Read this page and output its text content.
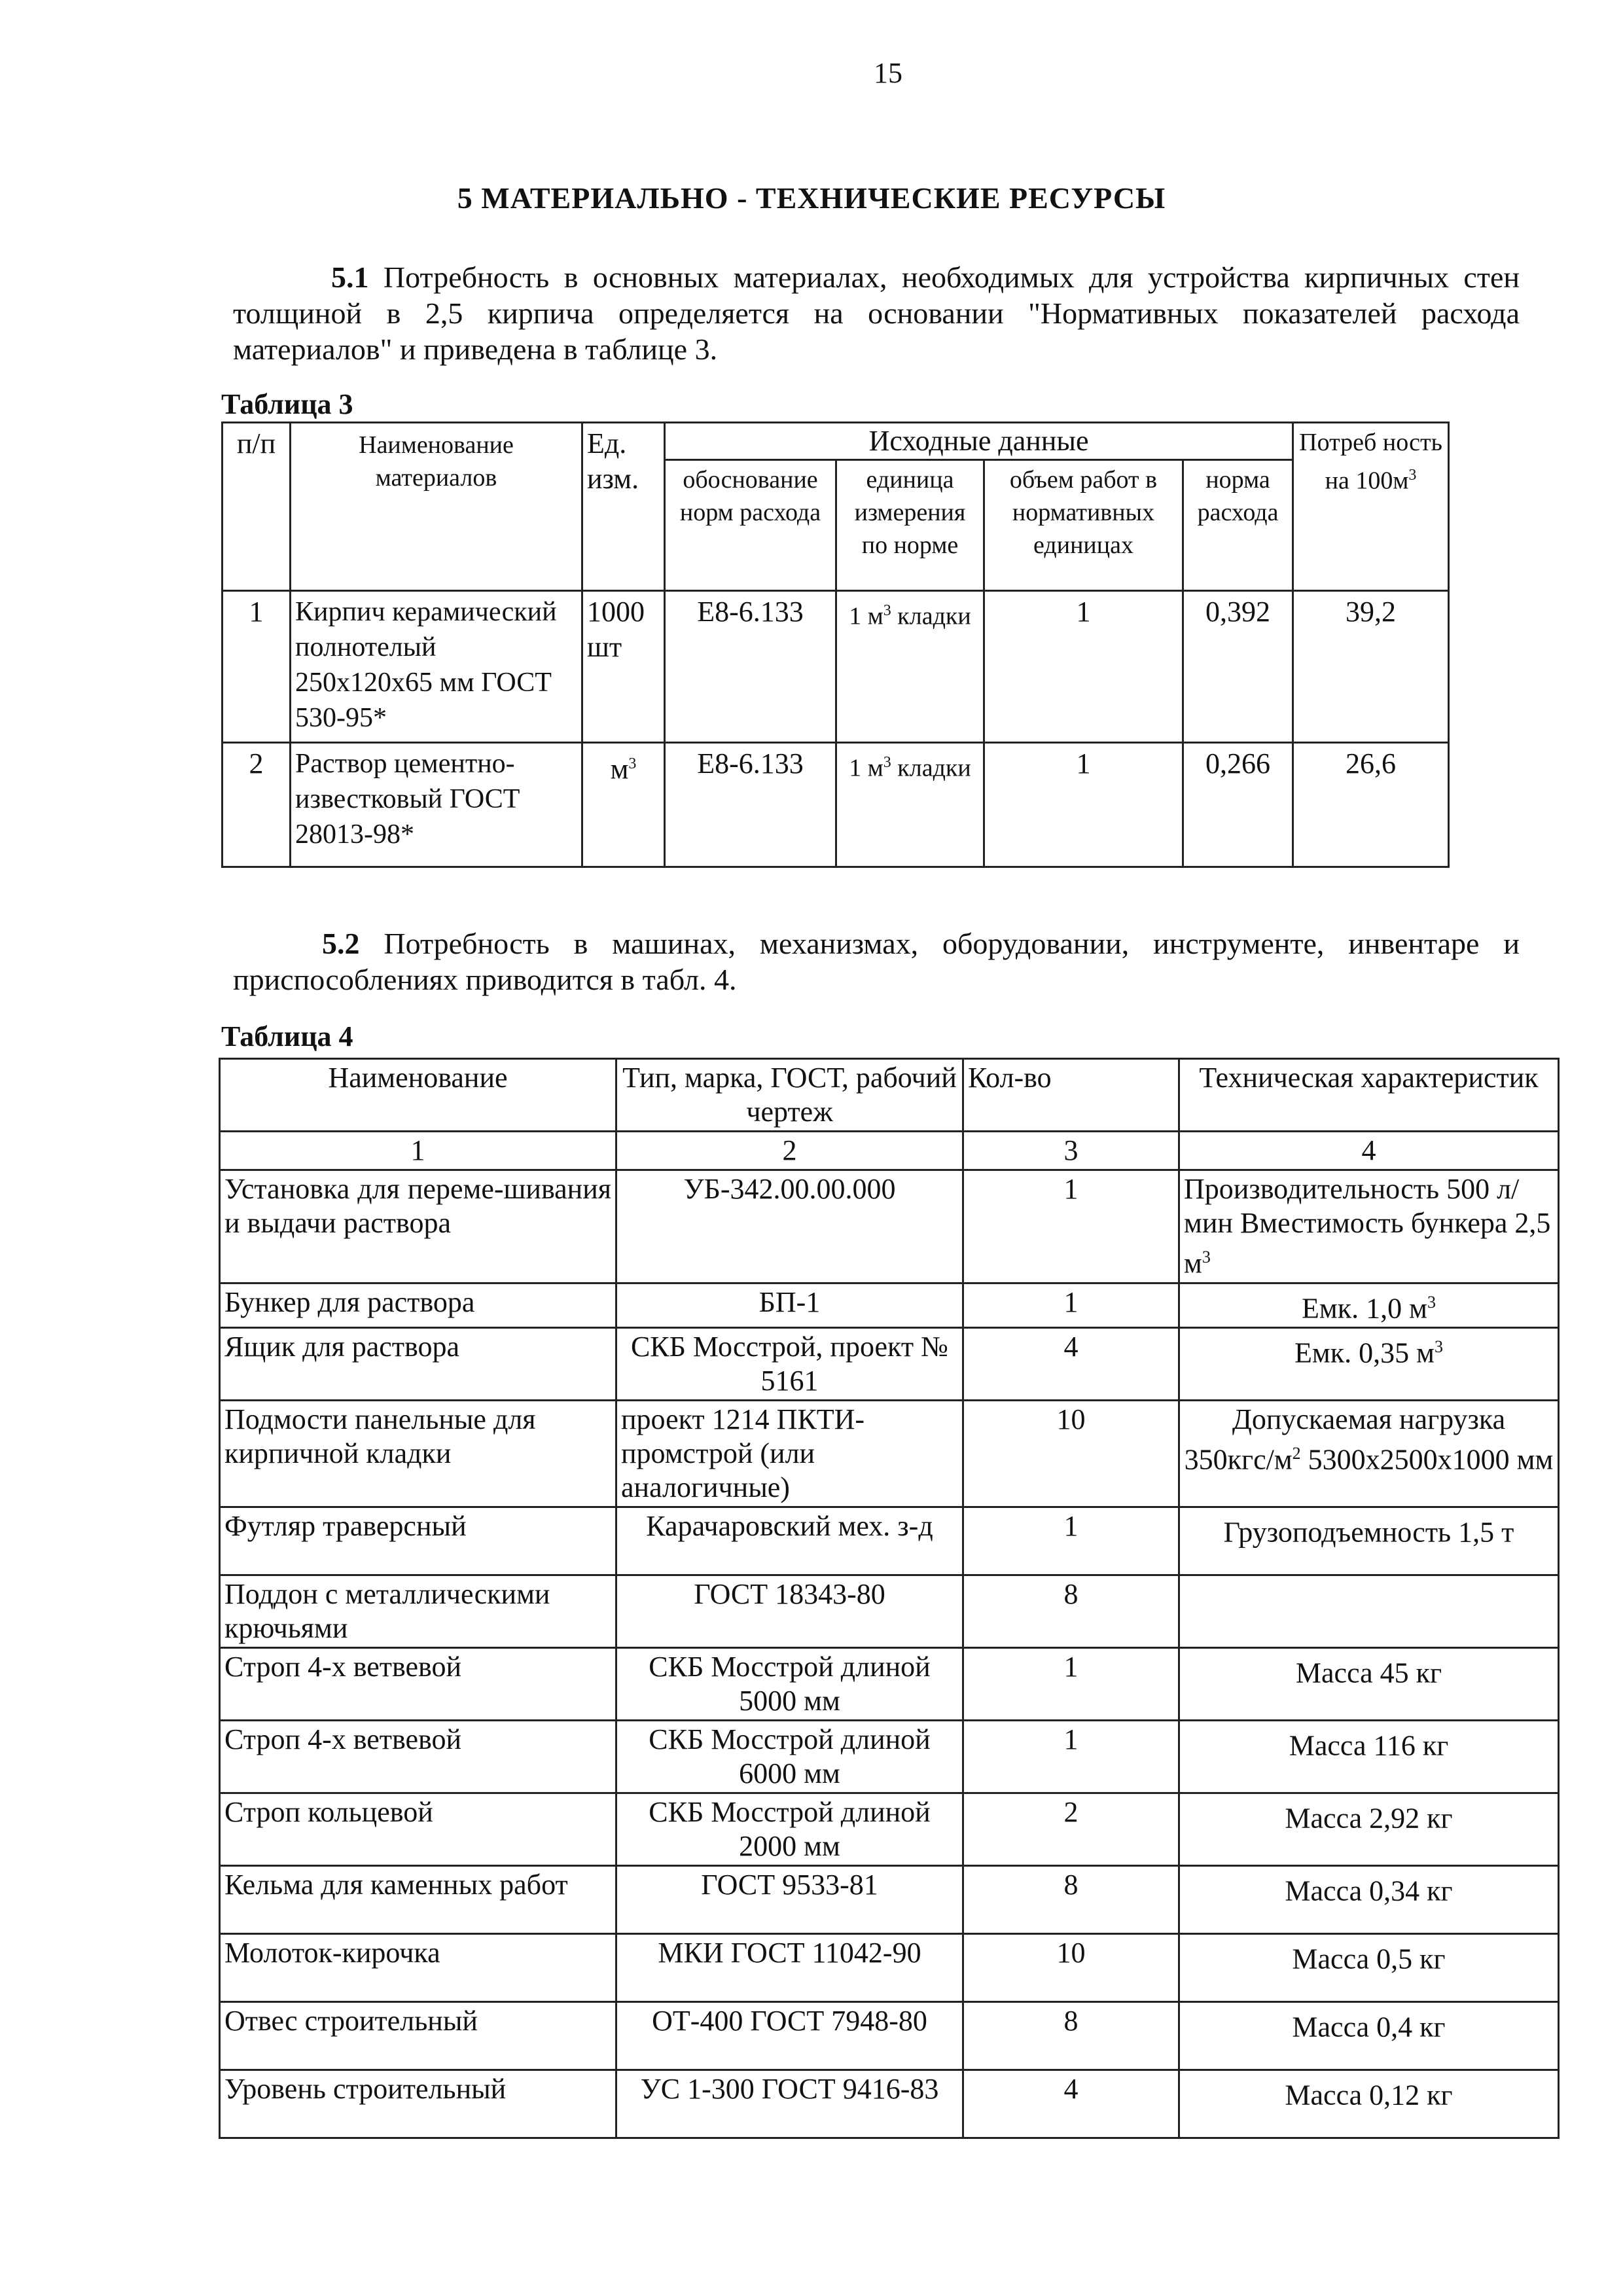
15
5 МАТЕРИАЛЬНО - ТЕХНИЧЕСКИЕ РЕСУРСЫ
5.1 Потребность в основных материалах, необходимых для устройства кирпичных стен толщиной в 2,5 кирпича определяется на основании "Нормативных показателей расхода материалов" и приведена в таблице 3.
Таблица 3
п/п	Наименование материалов	Ед. изм.	Исходные данные				Потреб ность на $100м^3$
			обоснование норм расхода	единица измерения по норме	объем работ в нормативных единицах	норма расхода	
1	Кирпич керамический полнотелый 250x120x65 мм ГОСТ 530-95*	1000 шт	Е8-6.133	1 $м^3$ кладки	1	0,392	39,2
2	Раствор цементно-известковый ГОСТ 28013-98*	$м^3$	Е8-6.133	1 $м^3$ кладки	1	0,266	26,6
5.2 Потребность в машинах, механизмах, оборудовании, инструменте, инвентаре и приспособлениях приводится в табл. 4.
Таблица 4
Наименование	Тип, марка, ГОСТ, рабочий чертеж	Кол-во	Техническая характеристик
1	2	3	4
Установка для переме-шивания и выдачи раствора	УБ-342.00.00.000	1	Производительность 500 л/мин Вместимость бункера 2,5 $м^3$
Бункер для раствора	БП-1	1	Емк. 1,0 $м^3$
Ящик для раствора	СКБ Мосстрой, проект № 5161	4	Емк. 0,35 $м^3$
Подмости панельные для кирпичной кладки	проект 1214 ПКТИ-промстрой (или аналогичные)	10	Допускаемая нагрузка $350кгс/м^2$ 5300x2500x1000 мм
Футляр траверсный	Карачаровский мех. з-д	1	Грузоподъемность 1,5 т
Поддон с металлическими крючьями	ГОСТ 18343-80	8	
Строп 4-х ветвевой	СКБ Мосстрой длиной 5000 мм	1	Масса 45 кг
Строп 4-х ветвевой	СКБ Мосстрой длиной 6000 мм	1	Масса 116 кг
Строп кольцевой	СКБ Мосстрой длиной 2000 мм	2	Масса 2,92 кг
Кельма для каменных работ	ГОСТ 9533-81	8	Масса 0,34 кг
Молоток-кирочка	МКИ ГОСТ 11042-90	10	Масса 0,5 кг
Отвес строительный	ОТ-400 ГОСТ 7948-80	8	Масса 0,4 кг
Уровень строительный	УС 1-300 ГОСТ 9416-83	4	Масса 0,12 кг
